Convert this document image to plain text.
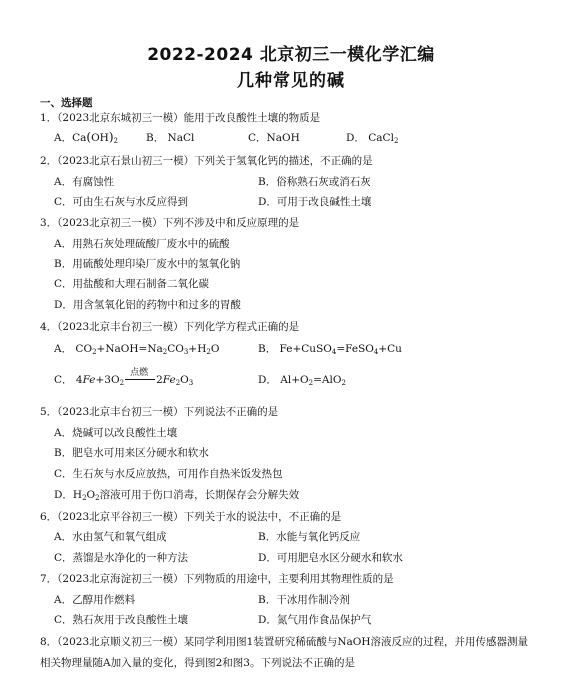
2022-2024 北京初三一模化学汇编
几种常见的碱
一、选择题
1．（2023北京东城初三一模）能用于改良酸性土壤的物质是
A．$Ca(OH)_2$	B． NaCl	C．NaOH	D． CaCl$_2$
2．（2023北京石景山初三一模）下列关于氢氧化钙的描述，不正确的是
A．有腐蚀性	B．俗称熟石灰或消石灰
C．可由生石灰与水反应得到	D．可用于改良碱性土壤
3．（2023北京初三一模）下列不涉及中和反应原理的是
A．用熟石灰处理硫酸厂废水中的硫酸
B．用硫酸处理印染厂废水中的氢氧化钠
C．用盐酸和大理石制备二氧化碳
D．用含氢氧化铝的药物中和过多的胃酸
4．（2023北京丰台初三一模）下列化学方程式正确的是
A． $CO_2+NaOH=Na_2CO_3+H_2O$	B． Fe+CuSO$_4$=FeSO$_4$+Cu
C． $4Fe+3O_2$
点燃
$2Fe_2O_3$	D． $Al+O_2=AlO_2$
5．（2023北京丰台初三一模）下列说法不正确的是
A．烧碱可以改良酸性土壤
B．肥皂水可用来区分硬水和软水
C．生石灰与水反应放热，可用作自热米饭发热包
D．$H_2O_2$溶液可用于伤口消毒，长期保存会分解失效
6．（2023北京平谷初三一模）下列关于水的说法中，不正确的是
A．水由氢气和氧气组成	B．水能与氧化钙反应
C．蒸馏是水净化的一种方法	D．可用肥皂水区分硬水和软水
7．（2023北京海淀初三一模）下列物质的用途中，主要利用其物理性质的是
A．乙醇用作燃料	B．干冰用作制冷剂
C．熟石灰用于改良酸性土壤	D．氮气用作食品保护气
8．（2023北京顺义初三一模）某同学利用图1装置研究稀硫酸与NaOH溶液反应的过程，并用传感器测量
相关物理量随A加入量的变化，得到图2和图3。下列说法不正确的是
